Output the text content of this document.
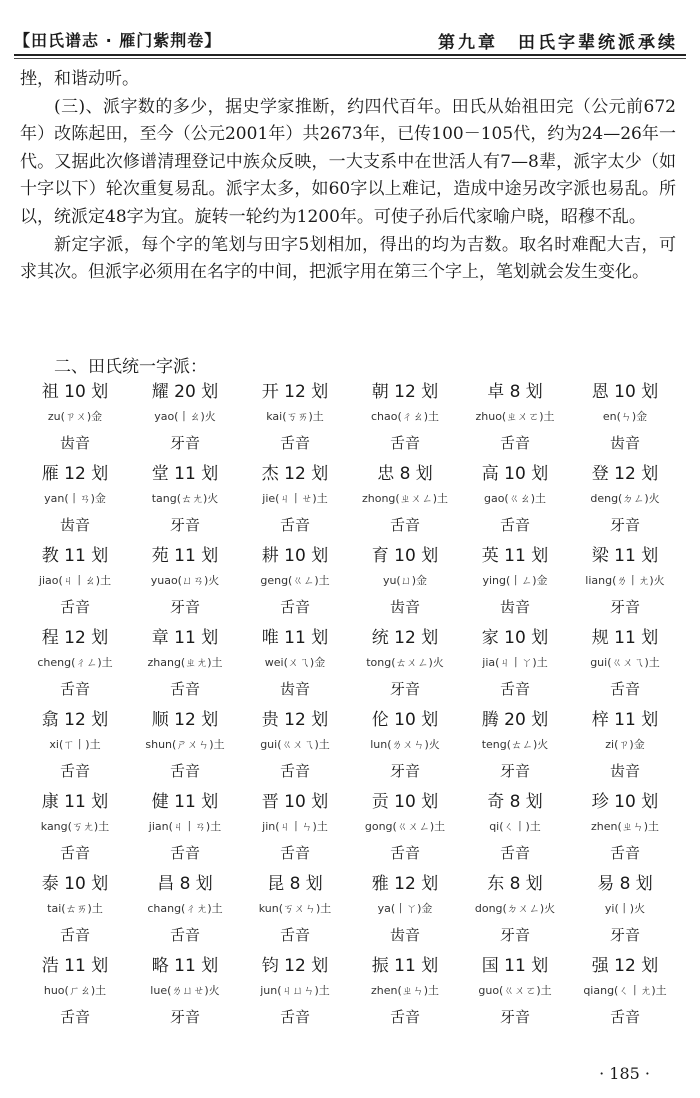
【田氏谱志 · 雁门紫荆卷】	第九章　田氏字辈统派承续

挫，和谐动听。

(三)、派字数的多少，据史学家推断，约四代百年。田氏从始祖田完（公元前672年）改陈起田，至今（公元2001年）共2673年，已传100－105代，约为24—26年一代。又据此次修谱清理登记中族众反映，一大支系中在世活人有7—8辈，派字太少（如十字以下）轮次重复易乱。派字太多，如60字以上难记，造成中途另改字派也易乱。所以，统派定48字为宜。旋转一轮约为1200年。可使子孙后代家喻户晓，昭穆不乱。

新定字派，每个字的笔划与田字5划相加，得出的均为吉数。取名时难配大吉，可求其次。但派字必须用在名字的中间，把派字用在第三个字上，笔划就会发生变化。

二、田氏统一字派：
祖 10 划
zu(ㄗㄨ)金
齿音
耀 20 划
yao(丨ㄠ)火
牙音
开 12 划
kai(ㄎㄞ)土
舌音
朝 12 划
chao(ㄔㄠ)土
舌音
卓 8 划
zhuo(ㄓㄨㄛ)土
舌音
恩 10 划
en(ㄣ)金
齿音
雁 12 划
yan(丨ㄢ)金
齿音
堂 11 划
tang(ㄊㄤ)火
牙音
杰 12 划
jie(ㄐ丨ㄝ)土
舌音
忠 8 划
zhong(ㄓㄨㄥ)土
舌音
高 10 划
gao(ㄍㄠ)土
舌音
登 12 划
deng(ㄉㄥ)火
牙音
教 11 划
jiao(ㄐ丨ㄠ)土
舌音
苑 11 划
yuao(ㄩㄢ)火
牙音
耕 10 划
geng(ㄍㄥ)土
舌音
育 10 划
yu(ㄩ)金
齿音
英 11 划
ying(丨ㄥ)金
齿音
梁 11 划
liang(ㄌ丨ㄤ)火
牙音
程 12 划
cheng(ㄔㄥ)土
舌音
章 11 划
zhang(ㄓㄤ)土
舌音
唯 11 划
wei(ㄨㄟ)金
齿音
统 12 划
tong(ㄊㄨㄥ)火
牙音
家 10 划
jia(ㄐ丨ㄚ)土
舌音
规 11 划
gui(ㄍㄨㄟ)土
舌音
翕 12 划
xi(ㄒ丨)土
舌音
顺 12 划
shun(ㄕㄨㄣ)土
舌音
贵 12 划
gui(ㄍㄨㄟ)土
舌音
伦 10 划
lun(ㄌㄨㄣ)火
牙音
腾 20 划
teng(ㄊㄥ)火
牙音
梓 11 划
zi(ㄗ)金
齿音
康 11 划
kang(ㄎㄤ)土
舌音
健 11 划
jian(ㄐ丨ㄢ)土
舌音
晋 10 划
jin(ㄐ丨ㄣ)土
舌音
贡 10 划
gong(ㄍㄨㄥ)土
舌音
奇 8 划
qi(ㄑ丨)土
舌音
珍 10 划
zhen(ㄓㄣ)土
舌音
泰 10 划
tai(ㄊㄞ)土
舌音
昌 8 划
chang(ㄔㄤ)土
舌音
昆 8 划
kun(ㄎㄨㄣ)土
舌音
雅 12 划
ya(丨ㄚ)金
齿音
东 8 划
dong(ㄉㄨㄥ)火
牙音
易 8 划
yi(丨)火
牙音
浩 11 划
huo(ㄏㄠ)土
舌音
略 11 划
lue(ㄌㄩㄝ)火
牙音
钧 12 划
jun(ㄐㄩㄣ)土
舌音
振 11 划
zhen(ㄓㄣ)土
舌音
国 11 划
guo(ㄍㄨㄛ)土
牙音
强 12 划
qiang(ㄑ丨ㄤ)土
舌音
· 185 ·
